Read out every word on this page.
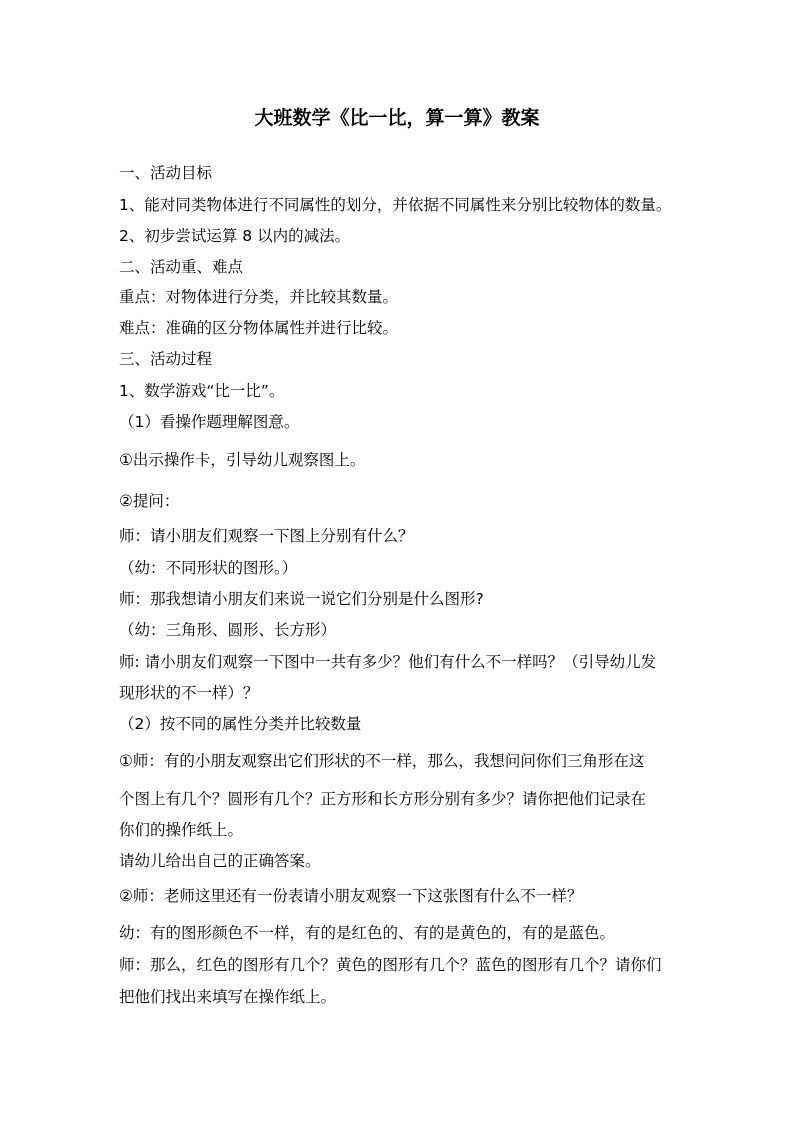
大班数学《比一比，算一算》教案
一、活动目标
1、能对同类物体进行不同属性的划分，并依据不同属性来分别比较物体的数量。
2、初步尝试运算 8 以内的减法。
二、活动重、难点
重点：对物体进行分类，并比较其数量。
难点：准确的区分物体属性并进行比较。
三、活动过程
1、数学游戏“比一比”。
（1）看操作题理解图意。
①出示操作卡，引导幼儿观察图上。
②提问：
师：请小朋友们观察一下图上分别有什么？
（幼：不同形状的图形。）
师：那我想请小朋友们来说一说它们分别是什么图形?
（幼：三角形、圆形、长方形）
师: 请小朋友们观察一下图中一共有多少？他们有什么不一样吗？（引导幼儿发
现形状的不一样）？
（2）按不同的属性分类并比较数量
①师：有的小朋友观察出它们形状的不一样，那么，我想问问你们三角形在这
个图上有几个？圆形有几个？正方形和长方形分别有多少？请你把他们记录在
你们的操作纸上。
请幼儿给出自己的正确答案。
②师：老师这里还有一份表请小朋友观察一下这张图有什么不一样？
幼：有的图形颜色不一样，有的是红色的、有的是黄色的，有的是蓝色。
师：那么，红色的图形有几个？黄色的图形有几个？蓝色的图形有几个？请你们
把他们找出来填写在操作纸上。
